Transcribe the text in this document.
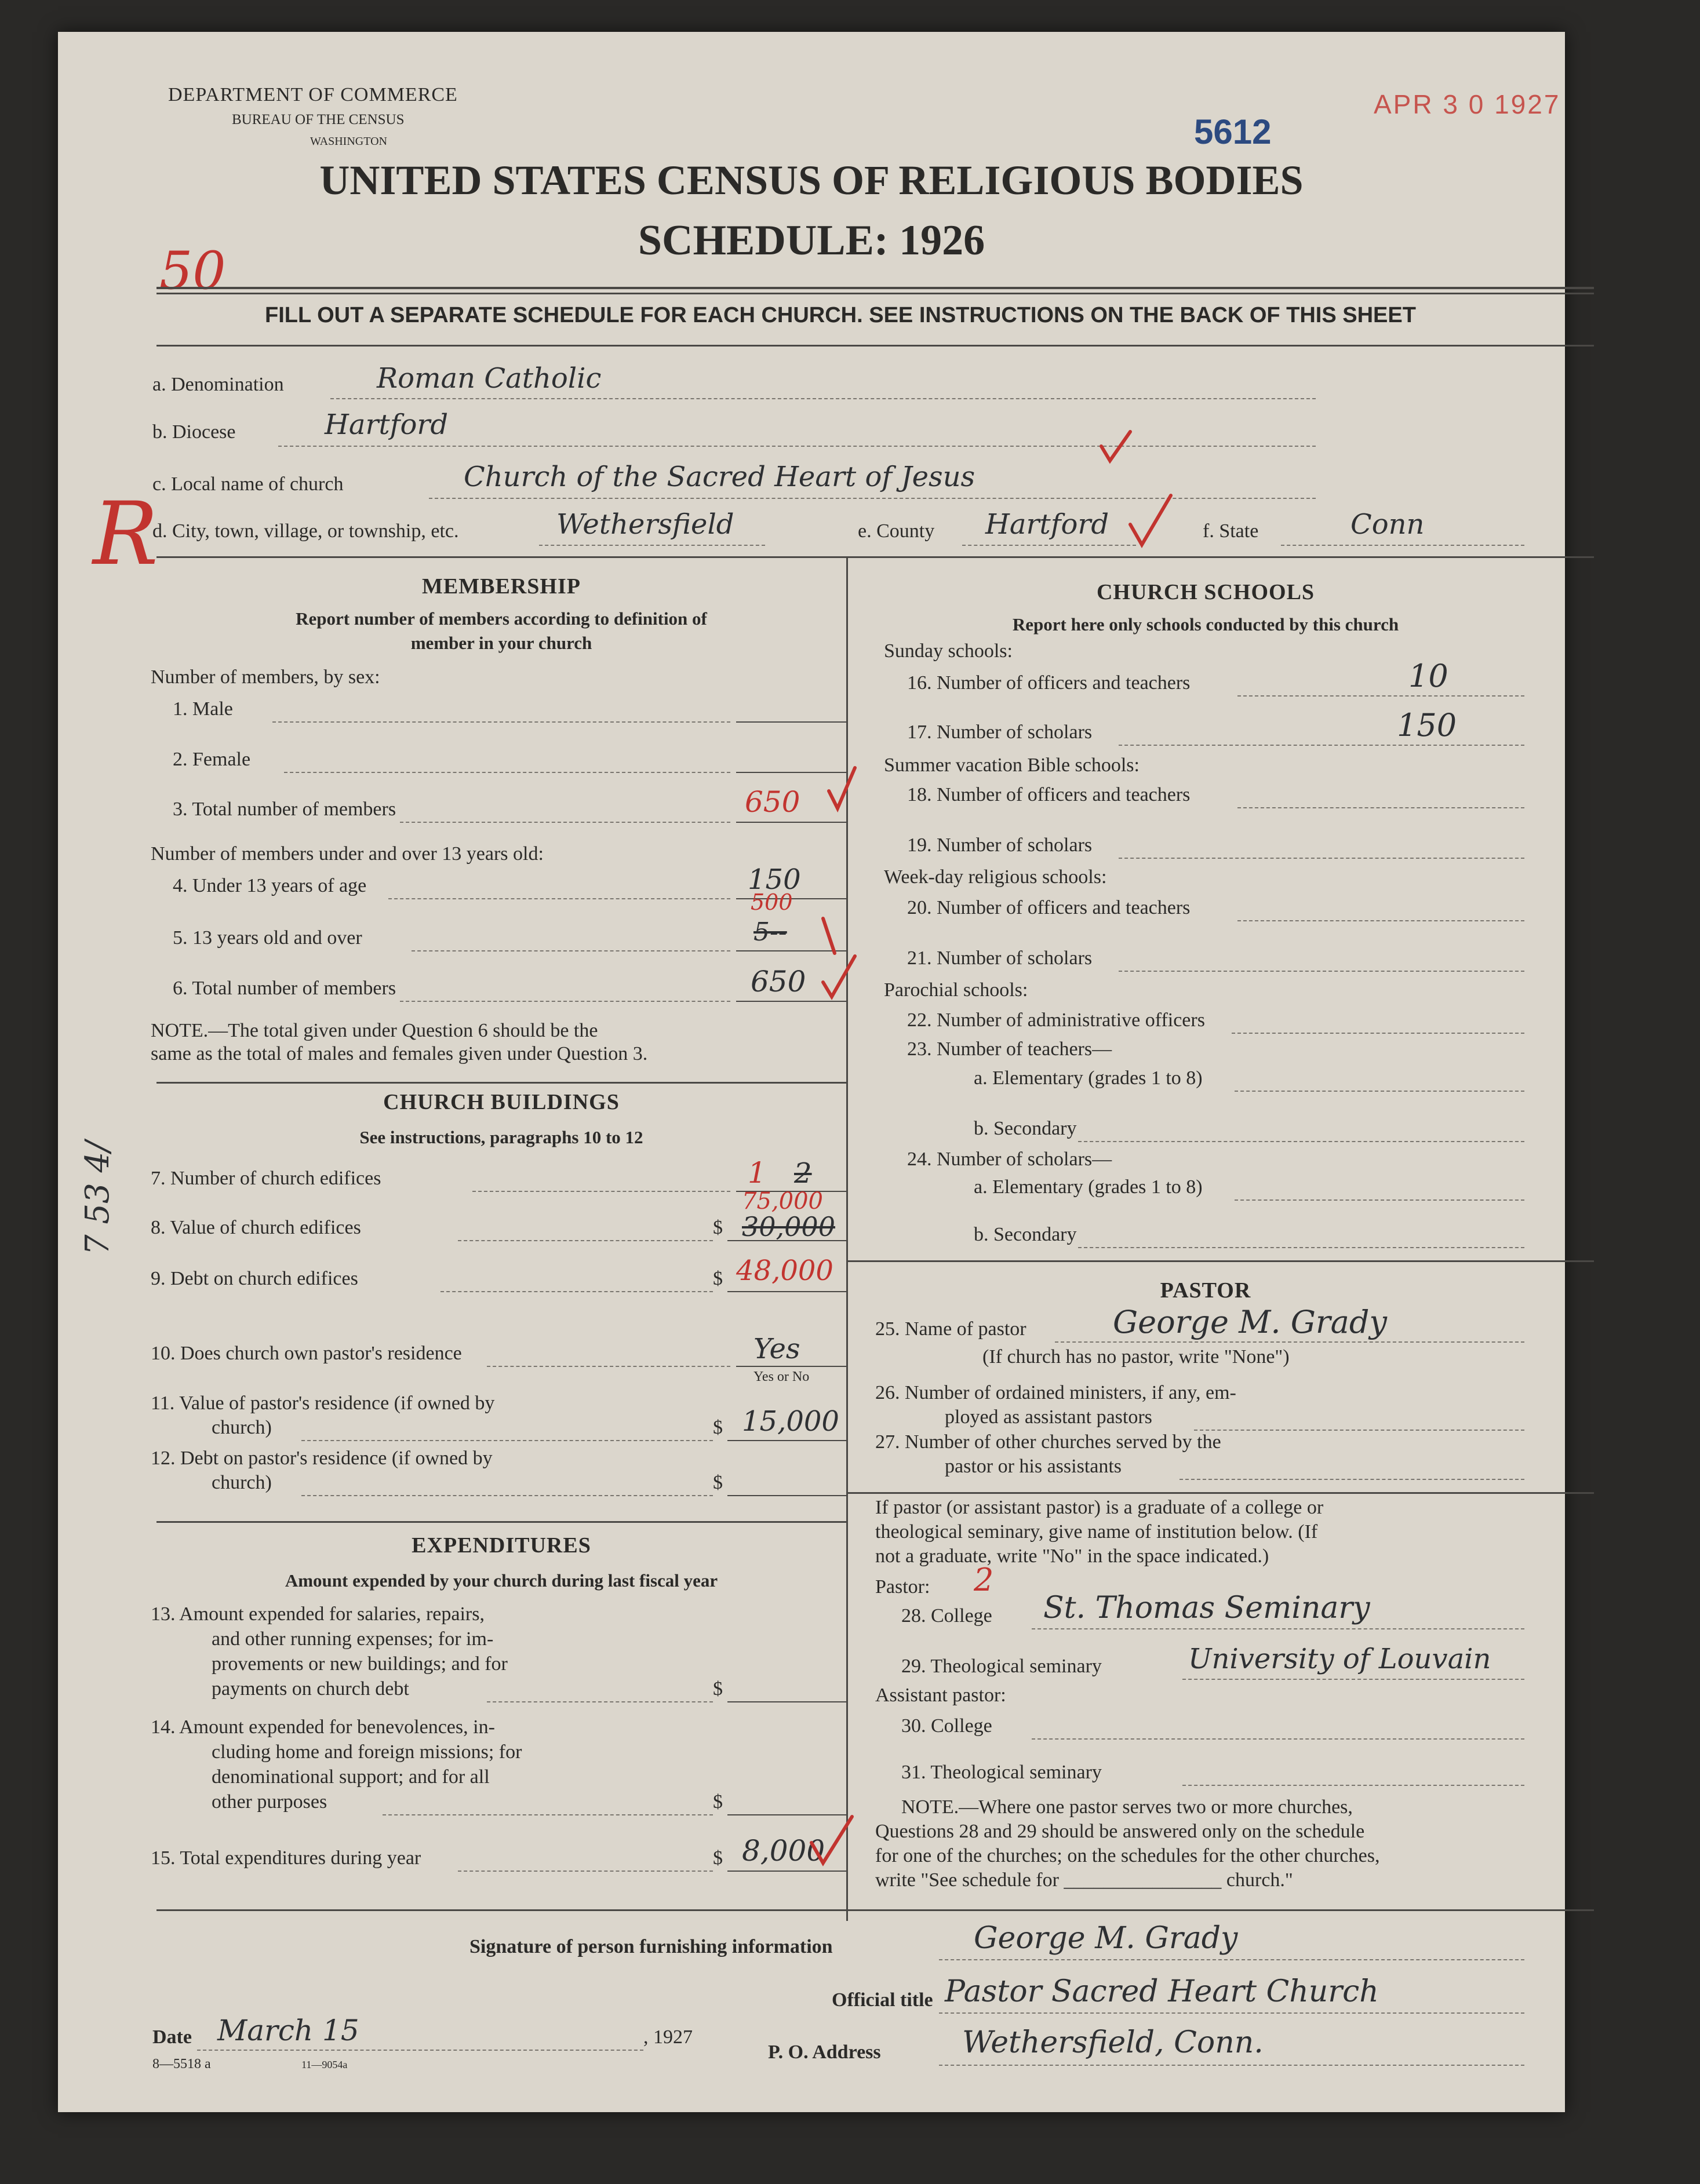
DEPARTMENT OF COMMERCE
BUREAU OF THE CENSUS
WASHINGTON
APR 3 0 1927
5612
UNITED STATES CENSUS OF RELIGIOUS BODIES
SCHEDULE: 1926
50
FILL OUT A SEPARATE SCHEDULE FOR EACH CHURCH. SEE INSTRUCTIONS ON THE BACK OF THIS SHEET
a. Denomination	Roman Catholic
b. Diocese	Hartford
c. Local name of church	Church of the Sacred Heart of Jesus
d. City, town, village, or township, etc.	Wethersfield	e. County Hartford	f. State	Conn
R
7 53 4/
MEMBERSHIP
Report number of members according to definition of
member in your church
Number of members, by sex:
1. Male
2. Female
3. Total number of members	650
Number of members under and over 13 years old:
4. Under 13 years of age	150
500
5. 13 years old and over	5--
6. Total number of members	650
NOTE.—The total given under Question 6 should be the
same as the total of males and females given under Question 3.
CHURCH BUILDINGS
See instructions, paragraphs 10 to 12
7. Number of church edifices	1 2
75,000
8. Value of church edifices	$ 30,000
9. Debt on church edifices	$ 48,000
10. Does church own pastor's residence	Yes
Yes or No
11. Value of pastor's residence (if owned by
church)	$ 15,000
12. Debt on pastor's residence (if owned by
church)	$
EXPENDITURES
Amount expended by your church during last fiscal year
13. Amount expended for salaries, repairs,
and other running expenses; for im-
provements or new buildings; and for
payments on church debt	$
14. Amount expended for benevolences, in-
cluding home and foreign missions; for
denominational support; and for all
other purposes	$
15. Total expenditures during year	$ 8,000
CHURCH SCHOOLS
Report here only schools conducted by this church
Sunday schools:
16. Number of officers and teachers	10
17. Number of scholars	150
Summer vacation Bible schools:
18. Number of officers and teachers
19. Number of scholars
Week-day religious schools:
20. Number of officers and teachers
21. Number of scholars
Parochial schools:
22. Number of administrative officers
23. Number of teachers—
a. Elementary (grades 1 to 8)
b. Secondary
24. Number of scholars—
a. Elementary (grades 1 to 8)
b. Secondary
PASTOR
25. Name of pastor	George M. Grady
(If church has no pastor, write "None")
26. Number of ordained ministers, if any, em-
ployed as assistant pastors
27. Number of other churches served by the
pastor or his assistants
If pastor (or assistant pastor) is a graduate of a college or
theological seminary, give name of institution below. (If
not a graduate, write "No" in the space indicated.)
Pastor: 2
28. College St. Thomas Seminary
29. Theological seminary	University of Louvain
Assistant pastor:
30. College
31. Theological seminary
NOTE.—Where one pastor serves two or more churches,
Questions 28 and 29 should be answered only on the schedule
for one of the churches; on the schedules for the other churches,
write "See schedule for ________________ church."
Signature of person furnishing information	George M. Grady
Official title Pastor Sacred Heart Church
Date March 15	, 1927
8—5518 a	11—9054a
P. O. Address	Wethersfield, Conn.
